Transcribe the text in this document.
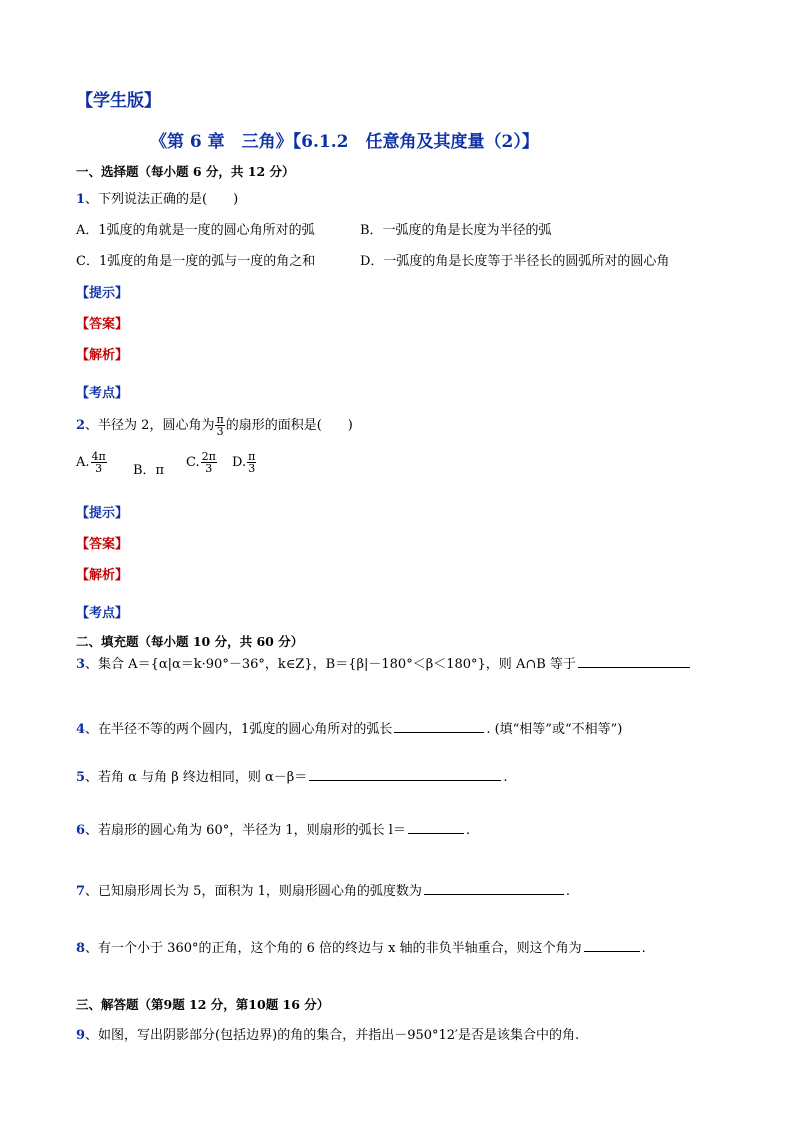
【学生版】
《第 6 章　三角》【6.1.2　任意角及其度量（2）】
一、选择题（每小题 6 分，共 12 分）
1、下列说法正确的是(　　)
A．1弧度的角就是一度的圆心角所对的弧	B．一弧度的角是长度为半径的弧
C．1弧度的角是一度的弧与一度的角之和	D．一弧度的角是长度等于半径长的圆弧所对的圆心角
【提示】
【答案】
【解析】
【考点】
2、半径为 2，圆心角为 $\frac{\pi}{3}$ 的扇形的面积是(　　)
A. $\frac{4\pi}{3}$ B．π
C. $\frac{2\pi}{3} D$. $\frac{\pi}{3}$
【提示】
【答案】
【解析】
【考点】
二、填充题（每小题 10 分，共 60 分）
3、集合 A＝{α|α＝k·90°－36°，k∈Z}，B＝{β|－180°＜β＜180°}，则 A∩B 等于
4、在半径不等的两个圆内，1弧度的圆心角所对的弧长	. (填“相等”或“不相等”)
5、若角 α 与角 β 终边相同，则 α－β＝	.
6、若扇形的圆心角为 60°，半径为 1，则扇形的弧长 l＝	.
7、已知扇形周长为 5，面积为 1，则扇形圆心角的弧度数为	.
8、有一个小于 360°的正角，这个角的 6 倍的终边与 x 轴的非负半轴重合，则这个角为	.
三、解答题（第9题 12 分，第10题 16 分）
9、如图，写出阴影部分(包括边界)的角的集合，并指出－950°12′是否是该集合中的角.
